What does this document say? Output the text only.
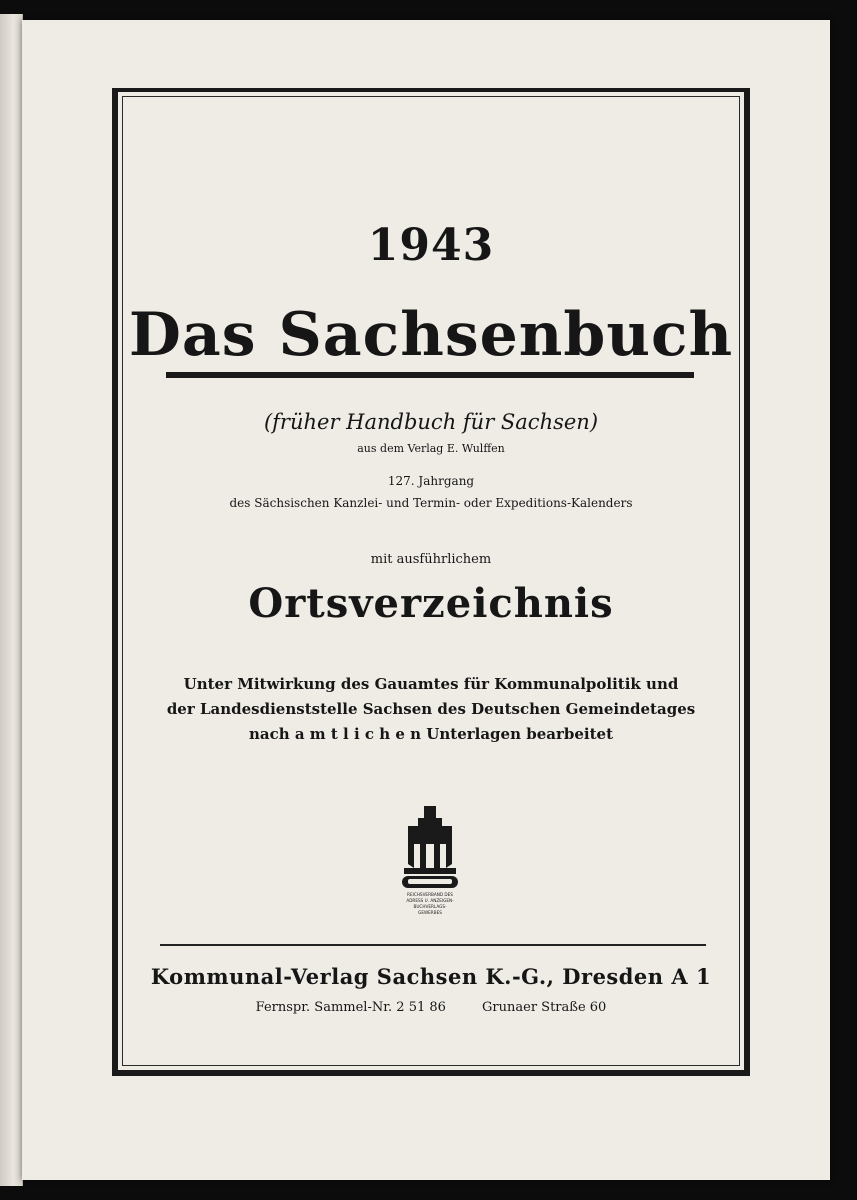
1943
Das Sachsenbuch
(früher Handbuch für Sachsen)
aus dem Verlag E. Wulffen
127. Jahrgang
des Sächsischen Kanzlei- und Termin- oder Expeditions-Kalenders
mit ausführlichem
Ortsverzeichnis
Unter Mitwirkung des Gauamtes für Kommunalpolitik und
der Landesdienststelle Sachsen des Deutschen Gemeindetages
nach a m t l i c h e n Unterlagen bearbeitet
REICHSVERBAND DES
ADRESS U. ANZEIGEN-
BUCHVERLAGS-
GEWERBES
Kommunal-Verlag Sachsen K.-G., Dresden A 1
Fernspr. Sammel-Nr. 2 51 86	Grunaer Straße 60
